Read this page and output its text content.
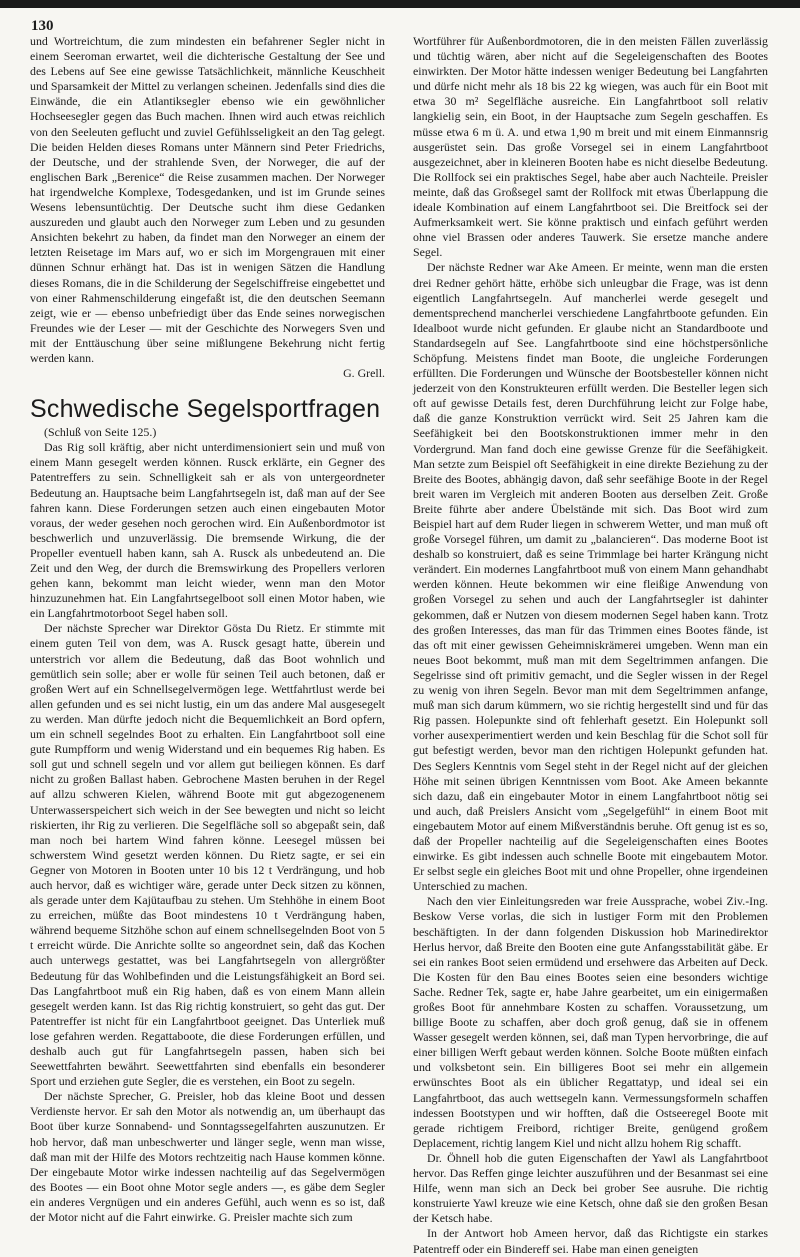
130

und Wortreichtum, die zum mindesten ein befahrener Segler nicht in einem Seeroman erwartet, weil die dichterische Gestaltung der See und des Lebens auf See eine gewisse Tatsächlichkeit, männliche Keuschheit und Sparsamkeit der Mittel zu verlangen scheinen. Jedenfalls sind dies die Einwände, die ein Atlantiksegler ebenso wie ein gewöhnlicher Hochseesegler gegen das Buch machen. Ihnen wird auch etwas reichlich von den Seeleuten geflucht und zuviel Gefühlsseligkeit an den Tag gelegt. Die beiden Helden dieses Romans unter Männern sind Peter Friedrichs, der Deutsche, und der strahlende Sven, der Norweger, die auf der englischen Bark „Berenice“ die Reise zusammen machen. Der Norweger hat irgendwelche Komplexe, Todesgedanken, und ist im Grunde seines Wesens lebensuntüchtig. Der Deutsche sucht ihm diese Gedanken auszureden und glaubt auch den Norweger zum Leben und zu gesunden Ansichten bekehrt zu haben, da findet man den Norweger an einem der letzten Reisetage im Mars auf, wo er sich im Morgengrauen mit einer dünnen Schnur erhängt hat. Das ist in wenigen Sätzen die Handlung dieses Romans, die in die Schilderung der Segelschiffreise eingebettet und von einer Rahmenschilderung eingefaßt ist, die den deutschen Seemann zeigt, wie er — ebenso unbefriedigt über das Ende seines norwegischen Freundes wie der Leser — mit der Geschichte des Norwegers Sven und mit der Enttäuschung über seine mißlungene Bekehrung nicht fertig werden kann.

G. Grell.

Schwedische Segelsportfragen

(Schluß von Seite 125.)

Das Rig soll kräftig, aber nicht unterdimensioniert sein und muß von einem Mann gesegelt werden können. Rusck erklärte, ein Gegner des Patentreffers zu sein. Schnelligkeit sah er als von untergeordneter Bedeutung an. Hauptsache beim Langfahrtsegeln ist, daß man auf der See fahren kann. Diese Forderungen setzen auch einen eingebauten Motor voraus, der weder gesehen noch gerochen wird. Ein Außenbordmotor ist beschwerlich und unzuverlässig. Die bremsende Wirkung, die der Propeller eventuell haben kann, sah A. Rusck als unbedeutend an. Die Zeit und den Weg, der durch die Bremswirkung des Propellers verloren gehen kann, bekommt man leicht wieder, wenn man den Motor hinzuzunehmen hat. Ein Langfahrtsegelboot soll einen Motor haben, wie ein Langfahrtmotorboot Segel haben soll.

Der nächste Sprecher war Direktor Gösta Du Rietz. Er stimmte mit einem guten Teil von dem, was A. Rusck gesagt hatte, überein und unterstrich vor allem die Bedeutung, daß das Boot wohnlich und gemütlich sein solle; aber er wolle für seinen Teil auch betonen, daß er großen Wert auf ein Schnellsegelvermögen lege. Wettfahrtlust werde bei allen gefunden und es sei nicht lustig, ein um das andere Mal ausgesegelt zu werden. Man dürfte jedoch nicht die Bequemlichkeit an Bord opfern, um ein schnell segelndes Boot zu erhalten. Ein Langfahrtboot soll eine gute Rumpfform und wenig Widerstand und ein bequemes Rig haben. Es soll gut und schnell segeln und vor allem gut beiliegen können. Es darf nicht zu großen Ballast haben. Gebrochene Masten beruhen in der Regel auf allzu schweren Kielen, während Boote mit gut abgezogenenem Unterwasserspeichert sich weich in der See bewegten und nicht so leicht riskierten, ihr Rig zu verlieren. Die Segelfläche soll so abgepaßt sein, daß man noch bei hartem Wind fahren könne. Leesegel müssen bei schwerstem Wind gesetzt werden können. Du Rietz sagte, er sei ein Gegner von Motoren in Booten unter 10 bis 12 t Verdrängung, und hob auch hervor, daß es wichtiger wäre, gerade unter Deck sitzen zu können, als gerade unter dem Kajütaufbau zu stehen. Um Stehhöhe in einem Boot zu erreichen, müßte das Boot mindestens 10 t Verdrängung haben, während bequeme Sitzhöhe schon auf einem schnellsegelnden Boot von 5 t erreicht würde. Die Anrichte sollte so angeordnet sein, daß das Kochen auch unterwegs gestattet, was bei Langfahrtsegeln von allergrößter Bedeutung für das Wohlbefinden und die Leistungsfähigkeit an Bord sei. Das Langfahrtboot muß ein Rig haben, daß es von einem Mann allein gesegelt werden kann. Ist das Rig richtig konstruiert, so geht das gut. Der Patentreffer ist nicht für ein Langfahrtboot geeignet. Das Unterliek muß lose gefahren werden. Regattaboote, die diese Forderungen erfüllen, und deshalb auch gut für Langfahrtsegeln passen, haben sich bei Seewettfahrten bewährt. Seewettfahrten sind ebenfalls ein besonderer Sport und erziehen gute Segler, die es verstehen, ein Boot zu segeln.

Der nächste Sprecher, G. Preisler, hob das kleine Boot und dessen Verdienste hervor. Er sah den Motor als notwendig an, um überhaupt das Boot über kurze Sonnabend- und Sonntagssegelfahrten auszunutzen. Er hob hervor, daß man unbeschwerter und länger segle, wenn man wisse, daß man mit der Hilfe des Motors rechtzeitig nach Hause kommen könne. Der eingebaute Motor wirke indessen nachteilig auf das Segelvermögen des Bootes — ein Boot ohne Motor segle anders —, es gäbe dem Segler ein anderes Vergnügen und ein anderes Gefühl, auch wenn es so ist, daß der Motor nicht auf die Fahrt einwirke. G. Preisler machte sich zum

Wortführer für Außenbordmotoren, die in den meisten Fällen zuverlässig und tüchtig wären, aber nicht auf die Segeleigenschaften des Bootes einwirkten. Der Motor hätte indessen weniger Bedeutung bei Langfahrten und dürfe nicht mehr als 18 bis 22 kg wiegen, was auch für ein Boot mit etwa 30 m² Segelfläche ausreiche. Ein Langfahrtboot soll relativ langkielig sein, ein Boot, in der Hauptsache zum Segeln geschaffen. Es müsse etwa 6 m ü. A. und etwa 1,90 m breit und mit einem Einmannsrig ausgerüstet sein. Das große Vorsegel sei in einem Langfahrtboot ausgezeichnet, aber in kleineren Booten habe es nicht dieselbe Bedeutung. Die Rollfock sei ein praktisches Segel, habe aber auch Nachteile. Preisler meinte, daß das Großsegel samt der Rollfock mit etwas Überlappung die ideale Kombination auf einem Langfahrtboot sei. Die Breitfock sei der Aufmerksamkeit wert. Sie könne praktisch und einfach geführt werden ohne viel Brassen oder anderes Tauwerk. Sie ersetze manche andere Segel.

Der nächste Redner war Ake Ameen. Er meinte, wenn man die ersten drei Redner gehört hätte, erhöbe sich unleugbar die Frage, was ist denn eigentlich Langfahrtsegeln. Auf mancherlei werde gesegelt und dementsprechend mancherlei verschiedene Langfahrtboote gefunden. Ein Idealboot wurde nicht gefunden. Er glaube nicht an Standardboote und Standardsegeln auf See. Langfahrtboote sind eine höchstpersönliche Schöpfung. Meistens findet man Boote, die ungleiche Forderungen erfüllten. Die Forderungen und Wünsche der Bootsbesteller können nicht jederzeit von den Konstrukteuren erfüllt werden. Die Besteller legen sich oft auf gewisse Details fest, deren Durchführung leicht zur Folge habe, daß die ganze Konstruktion verrückt wird. Seit 25 Jahren kam die Seefähigkeit bei den Bootskonstruktionen immer mehr in den Vordergrund. Man fand doch eine gewisse Grenze für die Seefähigkeit. Man setzte zum Beispiel oft Seefähigkeit in eine direkte Beziehung zu der Breite des Bootes, abhängig davon, daß sehr seefähige Boote in der Regel breit waren im Vergleich mit anderen Booten aus derselben Zeit. Große Breite führte aber andere Übelstände mit sich. Das Boot wird zum Beispiel hart auf dem Ruder liegen in schwerem Wetter, und man muß oft große Vorsegel führen, um damit zu „balancieren“. Das moderne Boot ist deshalb so konstruiert, daß es seine Trimmlage bei harter Krängung nicht verändert. Ein modernes Langfahrtboot muß von einem Mann gehandhabt werden können. Heute bekommen wir eine fleißige Anwendung von großen Vorsegel zu sehen und auch der Langfahrtsegler ist dahinter gekommen, daß er Nutzen von diesem modernen Segel haben kann. Trotz des großen Interesses, das man für das Trimmen eines Bootes fände, ist das oft mit einer gewissen Geheimniskrämerei umgeben. Wenn man ein neues Boot bekommt, muß man mit dem Segeltrimmen anfangen. Die Segelrisse sind oft primitiv gemacht, und die Segler wissen in der Regel zu wenig von ihren Segeln. Bevor man mit dem Segeltrimmen anfange, muß man sich darum kümmern, wo sie richtig hergestellt sind und für das Rig passen. Holepunkte sind oft fehlerhaft gesetzt. Ein Holepunkt soll vorher ausexperimentiert werden und kein Beschlag für die Schot soll für gut befestigt werden, bevor man den richtigen Holepunkt gefunden hat. Des Seglers Kenntnis vom Segel steht in der Regel nicht auf der gleichen Höhe mit seinen übrigen Kenntnissen vom Boot. Ake Ameen bekannte sich dazu, daß ein eingebauter Motor in einem Langfahrtboot nötig sei und auch, daß Preislers Ansicht vom „Segelgefühl“ in einem Boot mit eingebautem Motor auf einem Mißverständnis beruhe. Oft genug ist es so, daß der Propeller nachteilig auf die Segeleigenschaften eines Bootes einwirke. Es gibt indessen auch schnelle Boote mit eingebautem Motor. Er selbst segle ein gleiches Boot mit und ohne Propeller, ohne irgendeinen Unterschied zu machen.

Nach den vier Einleitungsreden war freie Aussprache, wobei Ziv.-Ing. Beskow Verse vorlas, die sich in lustiger Form mit den Problemen beschäftigten. In der dann folgenden Diskussion hob Marinedirektor Herlus hervor, daß Breite den Booten eine gute Anfangsstabilität gäbe. Er sei ein rankes Boot seien ermüdend und ersehwere das Arbeiten auf Deck. Die Kosten für den Bau eines Bootes seien eine besonders wichtige Sache. Redner Tek, sagte er, habe Jahre gearbeitet, um ein einigermaßen großes Boot für annehmbare Kosten zu schaffen. Voraussetzung, um billige Boote zu schaffen, aber doch groß genug, daß sie in offenem Wasser gesegelt werden können, sei, daß man Typen hervorbringe, die auf einer billigen Werft gebaut werden können. Solche Boote müßten einfach und volksbetont sein. Ein billigeres Boot sei mehr ein allgemein erwünschtes Boot als ein üblicher Regattatyp, und ideal sei ein Langfahrtboot, das auch wettsegeln kann. Vermessungsformeln schaffen indessen Bootstypen und wir hofften, daß die Ostseeregel Boote mit gerade richtigem Freibord, richtiger Breite, genügend großem Deplacement, richtig langem Kiel und nicht allzu hohem Rig schafft.

Dr. Öhnell hob die guten Eigenschaften der Yawl als Langfahrtboot hervor. Das Reffen ginge leichter auszuführen und der Besanmast sei eine Hilfe, wenn man sich an Deck bei grober See ausruhe. Die richtig konstruierte Yawl kreuze wie eine Ketsch, ohne daß sie den großen Besan der Ketsch habe.

In der Antwort hob Ameen hervor, daß das Richtigste ein starkes Patentreff oder ein Bindereff sei. Habe man einen geneigten
